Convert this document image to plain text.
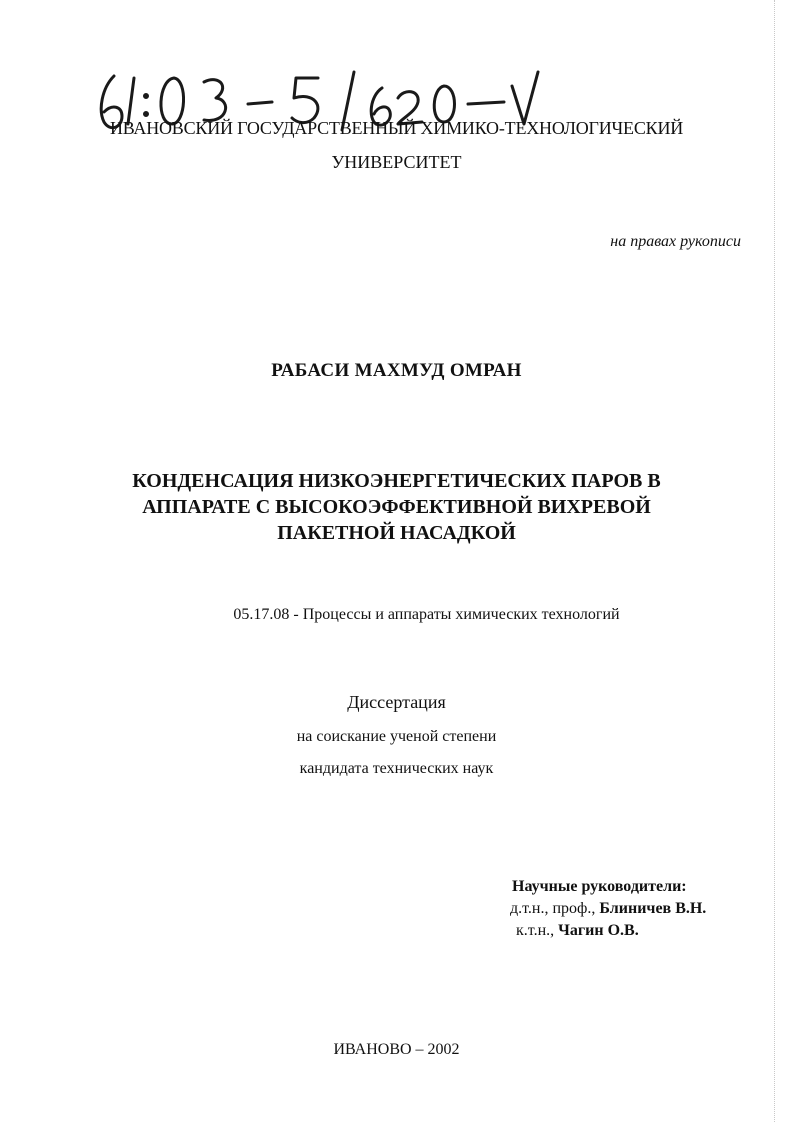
ИВАНОВСКИЙ ГОСУДАРСТВЕННЫЙ ХИМИКО-ТЕХНОЛОГИЧЕСКИЙ
УНИВЕРСИТЕТ
на правах рукописи
РАБАСИ МАХМУД ОМРАН
КОНДЕНСАЦИЯ НИЗКОЭНЕРГЕТИЧЕСКИХ ПАРОВ В
АППАРАТЕ С ВЫСОКОЭФФЕКТИВНОЙ ВИХРЕВОЙ
ПАКЕТНОЙ НАСАДКОЙ
05.17.08 - Процессы и аппараты химических технологий
Диссертация
на соискание ученой степени
кандидата технических наук
Научные руководители:
д.т.н., проф., Блиничев В.Н.
к.т.н., Чагин О.В.
ИВАНОВО – 2002
